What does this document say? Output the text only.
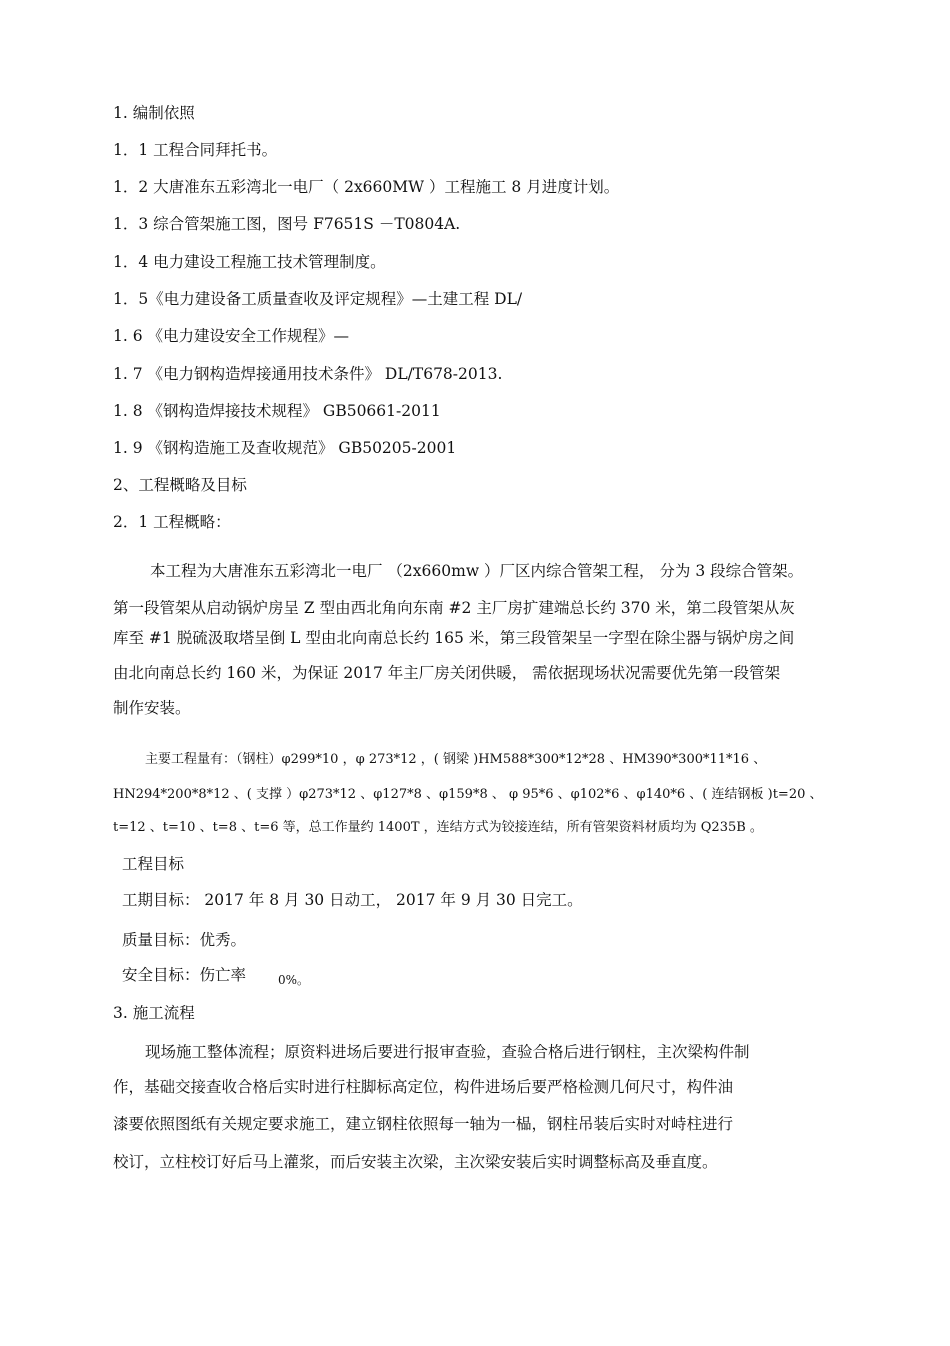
1. 编制依照
1．1 工程合同拜托书。
1．2 大唐准东五彩湾北一电厂（ 2x660MW ）工程施工 8 月进度计划。
1．3 综合管架施工图，图号 F7651S －T0804A.
1．4 电力建设工程施工技术管理制度。
1．5《电力建设备工质量查收及评定规程》—土建工程 DL/
1. 6 《电力建设安全工作规程》—
1. 7 《电力钢构造焊接通用技术条件》 DL/T678-2013.
1. 8 《钢构造焊接技术规程》 GB50661-2011
1. 9 《钢构造施工及查收规范》 GB50205-2001
2、工程概略及目标
2．1 工程概略：
本工程为大唐准东五彩湾北一电厂 （2x660mw ）厂区内综合管架工程， 分为 3 段综合管架。
第一段管架从启动锅炉房呈 Z 型由西北角向东南 #2 主厂房扩建端总长约 370 米，第二段管架从灰
库至 #1 脱硫汲取塔呈倒 L 型由北向南总长约 165 米，第三段管架呈一字型在除尘器与锅炉房之间
由北向南总长约 160 米，为保证 2017 年主厂房关闭供暖， 需依据现场状况需要优先第一段管架
制作安装。
主要工程量有：（钢柱）φ299*10 ，φ 273*12 ，( 钢梁 )HM588*300*12*28 、HM390*300*11*16 、
HN294*200*8*12 、( 支撑 ）φ273*12 、φ127*8 、φ159*8 、 φ 95*6 、φ102*6 、φ140*6 、( 连结钢板 )t=20 、
t=12 、t=10 、t=8 、t=6 等，总工作量约 1400T ，连结方式为铰接连结，所有管架资料材质均为 Q235B 。
工程目标
工期目标： 2017 年 8 月 30 日动工， 2017 年 9 月 30 日完工。
质量目标：优秀。
安全目标：伤亡率	0%。
3. 施工流程
现场施工整体流程；原资料进场后要进行报审查验，查验合格后进行钢柱，主次梁构件制
作，基础交接查收合格后实时进行柱脚标高定位，构件进场后要严格检测几何尺寸，构件油
漆要依照图纸有关规定要求施工，建立钢柱依照每一轴为一榀，钢柱吊装后实时对峙柱进行
校订，立柱校订好后马上灌浆，而后安装主次梁，主次梁安装后实时调整标高及垂直度。
